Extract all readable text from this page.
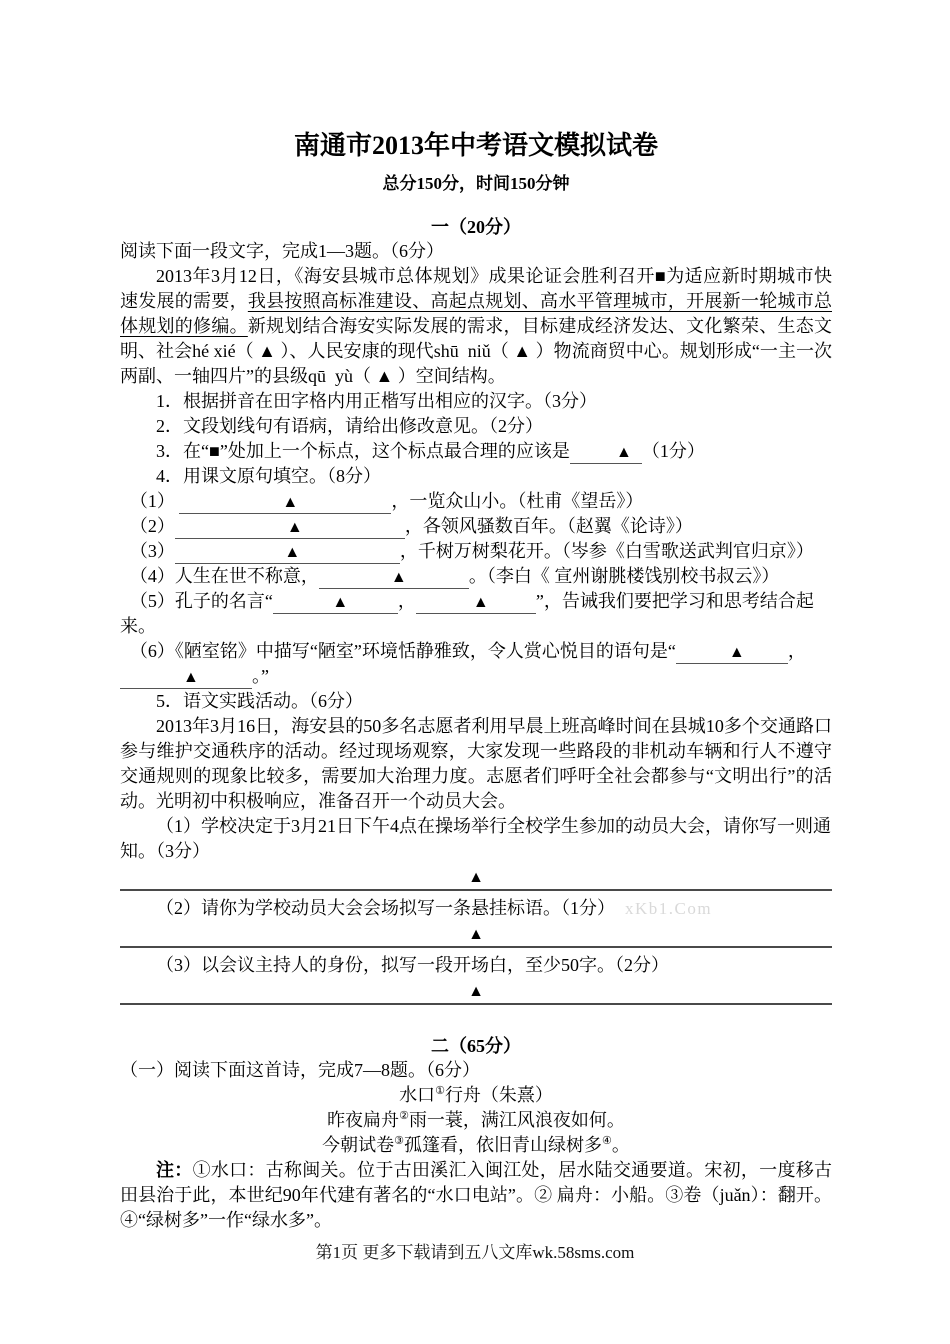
南通市2013年中考语文模拟试卷
总分150分，时间150分钟
一（20分）
阅读下面一段文字，完成1—3题。（6分）
2013年3月12日，《海安县城市总体规划》成果论证会胜利召开■为适应新时期城市快速发展的需要，我县按照高标准建设、高起点规划、高水平管理城市，开展新一轮城市总体规划的修编。新规划结合海安实际发展的需求，目标建成经济发达、文化繁荣、生态文明、社会hé xié（ ▲ ）、人民安康的现代shū  niǔ（ ▲ ）物流商贸中心。规划形成“一主一次两副、一轴四片”的县级qū  yù（ ▲ ）空间结构。
1．根据拼音在田字格内用正楷写出相应的汉字。（3分）
2．文段划线句有语病，请给出修改意见。（2分）
3．在“■”处加上一个标点，这个标点最合理的应该是	▲ （1分）
4．用课文原句填空。（8分）
（1）	▲	，一览众山小。（杜甫《望岳》）
（2）	▲	，各领风骚数百年。（赵翼《论诗》）
（3）	▲	，千树万树梨花开。（岑参《白雪歌送武判官归京》）
（4）人生在世不称意，	▲	。（李白《 宣州谢朓楼饯别校书叔云》）
（5）孔子的名言“	▲	，	▲	”，告诫我们要把学习和思考结合起来。
（6）《陋室铭》中描写“陋室”环境恬静雅致，令人赏心悦目的语句是“	▲ ，▲	。”
5．语文实践活动。（6分）
2013年3月16日，海安县的50多名志愿者利用早晨上班高峰时间在县城10多个交通路口参与维护交通秩序的活动。经过现场观察，大家发现一些路段的非机动车辆和行人不遵守交通规则的现象比较多，需要加大治理力度。志愿者们呼吁全社会都参与“文明出行”的活动。光明初中积极响应，准备召开一个动员大会。
（1）学校决定于3月21日下午4点在操场举行全校学生参加的动员大会，请你写一则通知。（3分）
▲
（2）请你为学校动员大会会场拟写一条悬挂标语。（1分） xKb1.Com
▲
（3）以会议主持人的身份，拟写一段开场白，至少50字。（2分）
▲
二（65分）
（一）阅读下面这首诗，完成7—8题。（6分）
水口①行舟（朱熹）
昨夜扁舟②雨一蓑，满江风浪夜如何。
今朝试卷③孤篷看，依旧青山绿树多④。
注：①水口：古称闽关。位于古田溪汇入闽江处，居水陆交通要道。宋初，一度移古田县治于此，本世纪90年代建有著名的“水口电站”。② 扁舟：小船。③卷（juǎn）：翻开。④“绿树多”一作“绿水多”。
第1页 更多下载请到五八文库wk.58sms.com
